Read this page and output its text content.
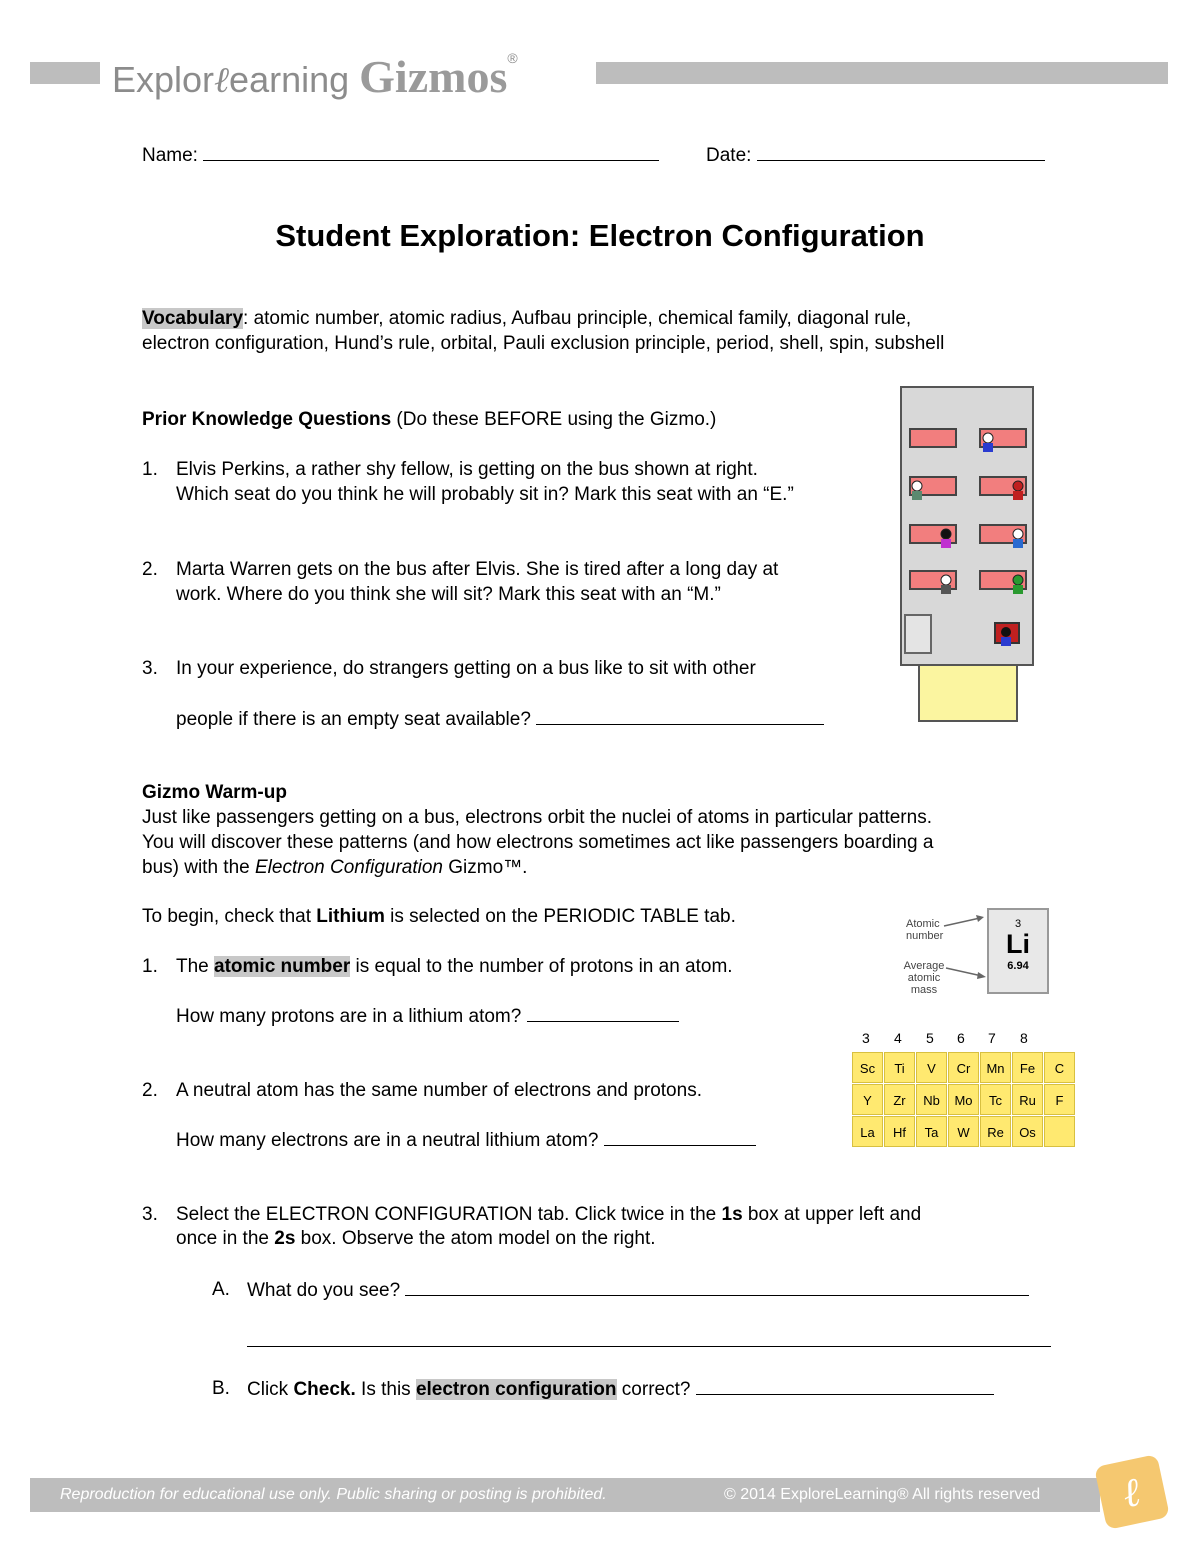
Explorℓearning Gizmos®
Name:	Date:
Student Exploration: Electron Configuration
Vocabulary: atomic number, atomic radius, Aufbau principle, chemical family, diagonal rule,
electron configuration, Hund’s rule, orbital, Pauli exclusion principle, period, shell, spin, subshell
Prior Knowledge Questions (Do these BEFORE using the Gizmo.)
1. Elvis Perkins, a rather shy fellow, is getting on the bus shown at right.
Which seat do you think he will probably sit in? Mark this seat with an “E.”
2. Marta Warren gets on the bus after Elvis. She is tired after a long day at
work. Where do you think she will sit? Mark this seat with an “M.”
3. In your experience, do strangers getting on a bus like to sit with other
people if there is an empty seat available?
Gizmo Warm-up
Just like passengers getting on a bus, electrons orbit the nuclei of atoms in particular patterns.
You will discover these patterns (and how electrons sometimes act like passengers boarding a
bus) with the Electron Configuration Gizmo™.
To begin, check that Lithium is selected on the PERIODIC TABLE tab.
1. The atomic number is equal to the number of protons in an atom.
How many protons are in a lithium atom?
2. A neutral atom has the same number of electrons and protons.
How many electrons are in a neutral lithium atom?
3. Select the ELECTRON CONFIGURATION tab. Click twice in the 1s box at upper left and
once in the 2s box. Observe the atom model on the right.
A. What do you see?
B. Click Check. Is this electron configuration correct?
Atomic
number
Average
atomic
mass
3
Li
6.94
3 4 5 6 7 8
Sc	Ti	V	Cr	Mn	Fe	C
Y	Zr	Nb	Mo	Tc	Ru	F
La	Hf	Ta	W	Re	Os
Reproduction for educational use only. Public sharing or posting is prohibited.	© 2014 ExploreLearning® All rights reserved ℓ
